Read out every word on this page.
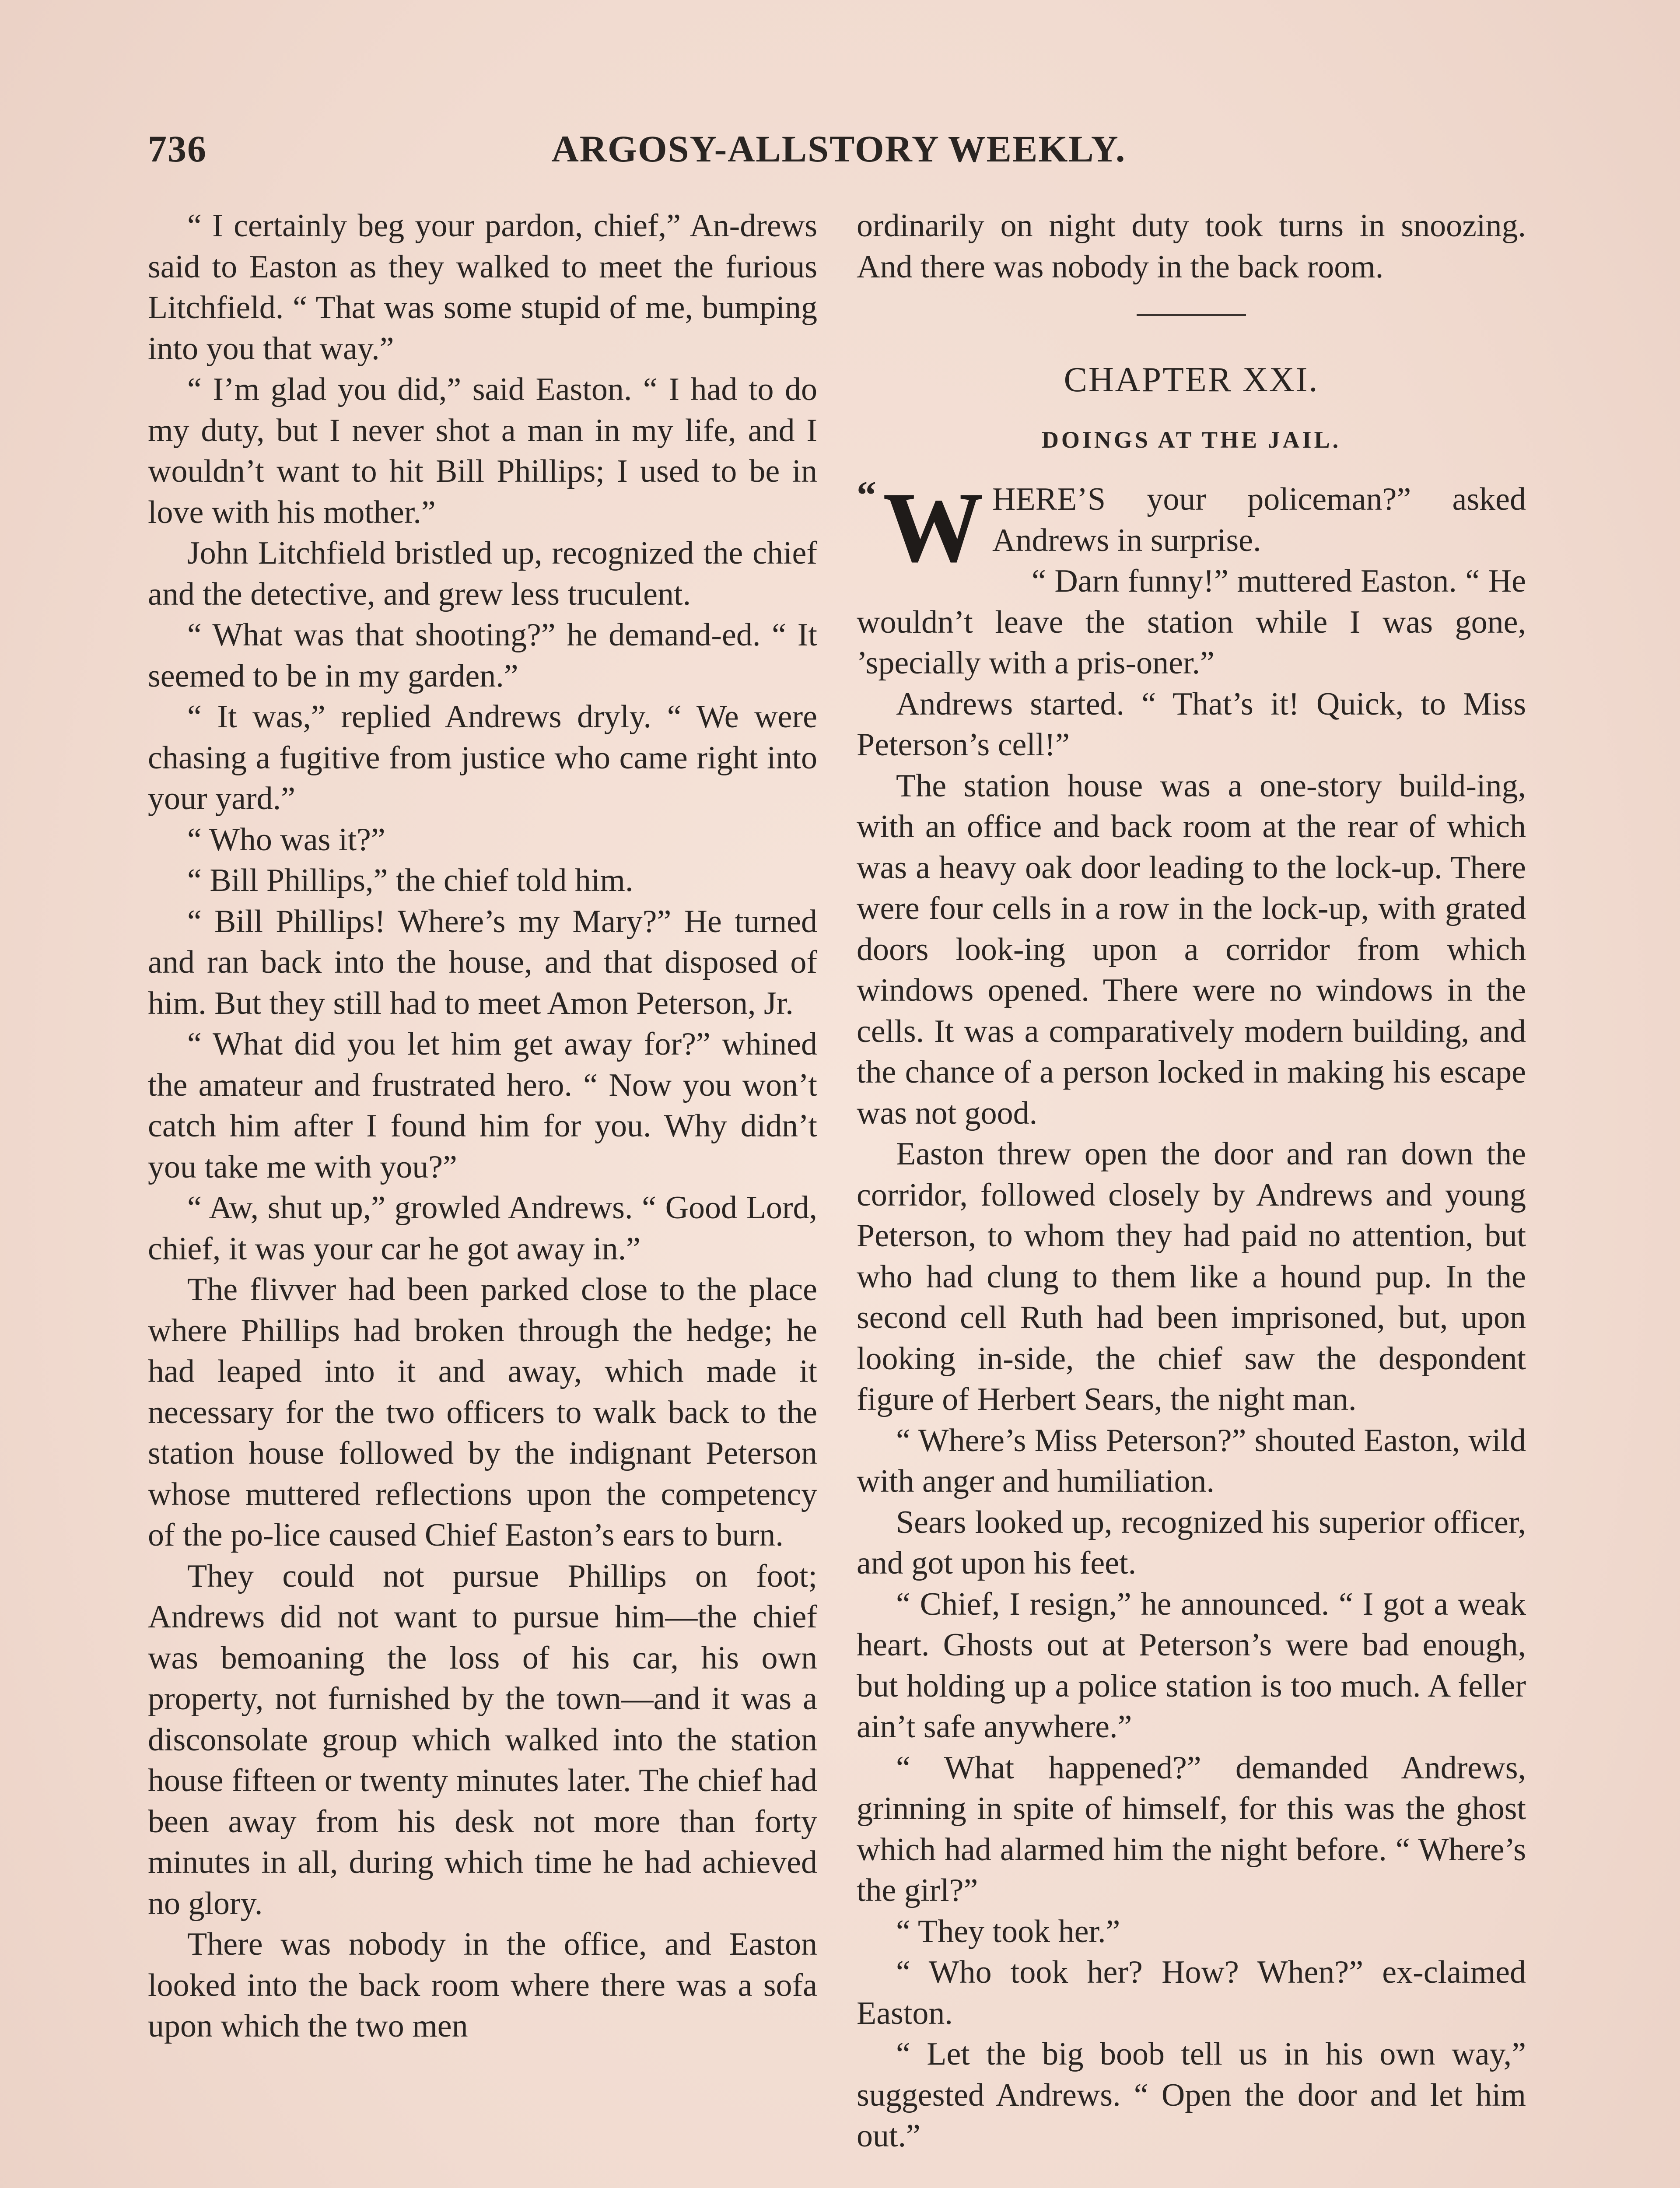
736	ARGOSY-ALLSTORY WEEKLY.

“ I certainly beg your pardon, chief,” An-drews said to Easton as they walked to meet the furious Litchfield. “ That was some stupid of me, bumping into you that way.”

“ I’m glad you did,” said Easton. “ I had to do my duty, but I never shot a man in my life, and I wouldn’t want to hit Bill Phillips; I used to be in love with his mother.”

John Litchfield bristled up, recognized the chief and the detective, and grew less truculent.

“ What was that shooting?” he demand-ed. “ It seemed to be in my garden.”

“ It was,” replied Andrews dryly. “ We were chasing a fugitive from justice who came right into your yard.”

“ Who was it?”

“ Bill Phillips,” the chief told him.

“ Bill Phillips! Where’s my Mary?” He turned and ran back into the house, and that disposed of him. But they still had to meet Amon Peterson, Jr.

“ What did you let him get away for?” whined the amateur and frustrated hero. “ Now you won’t catch him after I found him for you. Why didn’t you take me with you?”

“ Aw, shut up,” growled Andrews. “ Good Lord, chief, it was your car he got away in.”

The flivver had been parked close to the place where Phillips had broken through the hedge; he had leaped into it and away, which made it necessary for the two officers to walk back to the station house followed by the indignant Peterson whose muttered reflections upon the competency of the po-lice caused Chief Easton’s ears to burn.

They could not pursue Phillips on foot; Andrews did not want to pursue him—the chief was bemoaning the loss of his car, his own property, not furnished by the town—and it was a disconsolate group which walked into the station house fifteen or twenty minutes later. The chief had been away from his desk not more than forty minutes in all, during which time he had achieved no glory.

There was nobody in the office, and Easton looked into the back room where there was a sofa upon which the two men

ordinarily on night duty took turns in snoozing. And there was nobody in the back room.

CHAPTER XXI.
DOINGS AT THE JAIL.

“ W HERE’S your policeman?” asked Andrews in surprise.

“ Darn funny!” muttered Easton. “ He wouldn’t leave the station while I was gone, ’specially with a pris-oner.”

Andrews started. “ That’s it! Quick, to Miss Peterson’s cell!”

The station house was a one-story build-ing, with an office and back room at the rear of which was a heavy oak door leading to the lock-up. There were four cells in a row in the lock-up, with grated doors look-ing upon a corridor from which windows opened. There were no windows in the cells. It was a comparatively modern building, and the chance of a person locked in making his escape was not good.

Easton threw open the door and ran down the corridor, followed closely by Andrews and young Peterson, to whom they had paid no attention, but who had clung to them like a hound pup. In the second cell Ruth had been imprisoned, but, upon looking in-side, the chief saw the despondent figure of Herbert Sears, the night man.

“ Where’s Miss Peterson?” shouted Easton, wild with anger and humiliation.

Sears looked up, recognized his superior officer, and got upon his feet.

“ Chief, I resign,” he announced. “ I got a weak heart. Ghosts out at Peterson’s were bad enough, but holding up a police station is too much. A feller ain’t safe anywhere.”

“ What happened?” demanded Andrews, grinning in spite of himself, for this was the ghost which had alarmed him the night before. “ Where’s the girl?”

“ They took her.”

“ Who took her? How? When?” ex-claimed Easton.

“ Let the big boob tell us in his own way,” suggested Andrews. “ Open the door and let him out.”
